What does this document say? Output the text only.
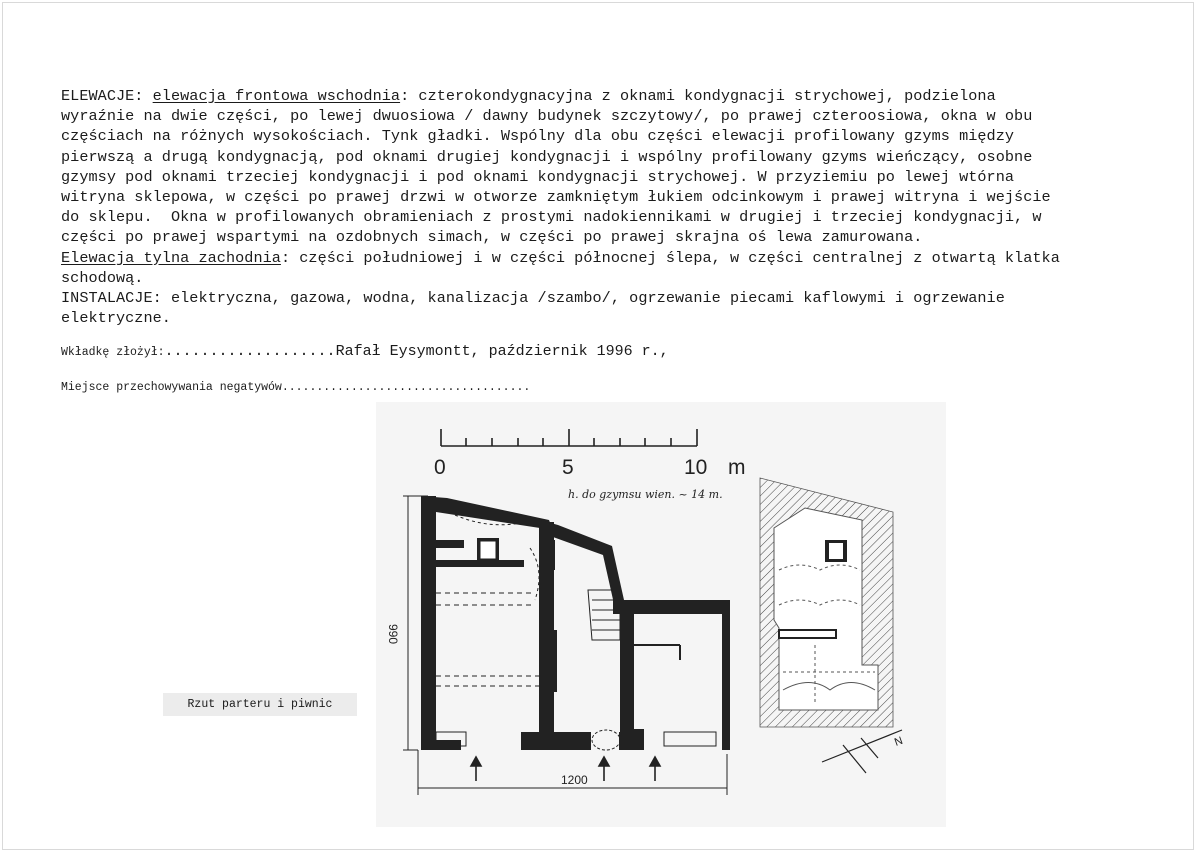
ELEWACJE: elewacja frontowa wschodnia: czterokondygnacyjna z oknami kondygnacji strychowej, podzielona
wyraźnie na dwie części, po lewej dwuosiowa / dawny budynek szczytowy/, po prawej czteroosiowa, okna w obu
częściach na różnych wysokościach. Tynk gładki. Wspólny dla obu części elewacji profilowany gzyms między
pierwszą a drugą kondygnacją, pod oknami drugiej kondygnacji i wspólny profilowany gzyms wieńczący, osobne
gzymsy pod oknami trzeciej kondygnacji i pod oknami kondygnacji strychowej. W przyziemiu po lewej wtórna
witryna sklepowa, w części po prawej drzwi w otworze zamkniętym łukiem odcinkowym i prawej witryna i wejście
do sklepu.  Okna w profilowanych obramieniach z prostymi nadokiennikami w drugiej i trzeciej kondygnacji, w
części po prawej wspartymi na ozdobnych simach, w części po prawej skrajna oś lewa zamurowana.
Elewacja tylna zachodnia: części południowej i w części północnej ślepa, w części centralnej z otwartą klatka
schodową.
INSTALACJE: elektryczna, gazowa, wodna, kanalizacja /szambo/, ogrzewanie piecami kaflowymi i ogrzewanie
elektryczne.
Wkładkę złożył:...................Rafał Eysymontt, październik 1996 r.,
Miejsce przechowywania negatywów....................................
0	5	10 m
h. do gzymsu wien. ~ 14 m.
990
1200
N
Rzut parteru i piwnic
